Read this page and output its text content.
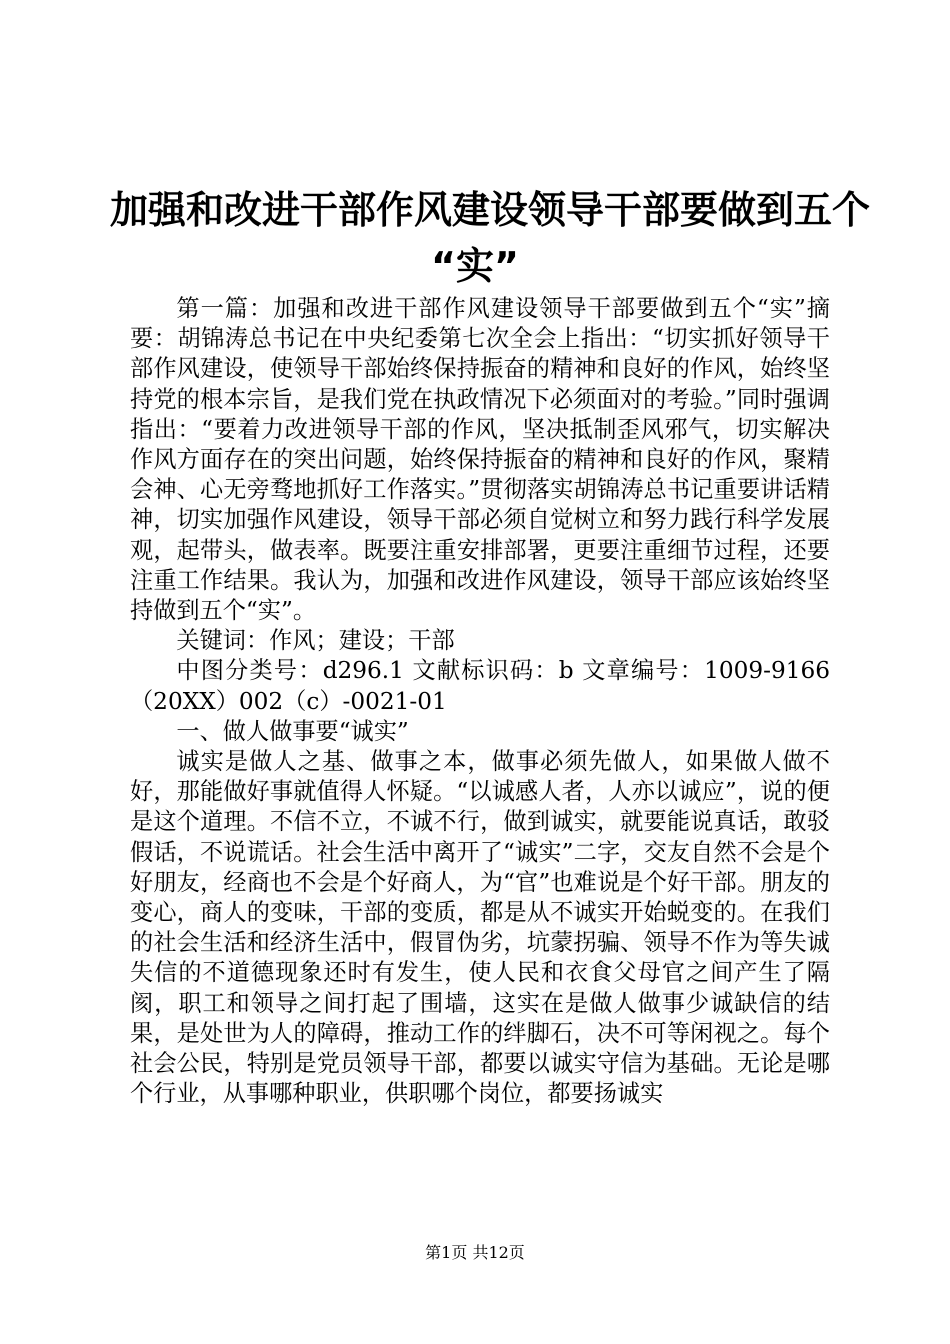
加强和改进干部作风建设领导干部要做到五个
“实”

第一篇：加强和改进干部作风建设领导干部要做到五个“实”摘要：胡锦涛总书记在中央纪委第七次全会上指出：“切实抓好领导干部作风建设，使领导干部始终保持振奋的精神和良好的作风，始终坚持党的根本宗旨，是我们党在执政情况下必须面对的考验。”同时强调指出：“要着力改进领导干部的作风，坚决抵制歪风邪气，切实解决作风方面存在的突出问题，始终保持振奋的精神和良好的作风，聚精会神、心无旁骛地抓好工作落实。”贯彻落实胡锦涛总书记重要讲话精神，切实加强作风建设，领导干部必须自觉树立和努力践行科学发展观，起带头，做表率。既要注重安排部署，更要注重细节过程，还要注重工作结果。我认为，加强和改进作风建设，领导干部应该始终坚持做到五个“实”。

关键词：作风；建设；干部

中图分类号：d296.1 文献标识码：b 文章编号：1009-9166（20XX）002（c）-0021-01

一、做人做事要“诚实”

诚实是做人之基、做事之本，做事必须先做人，如果做人做不好，那能做好事就值得人怀疑。“以诚感人者，人亦以诚应”，说的便是这个道理。不信不立，不诚不行，做到诚实，就要能说真话，敢驳假话，不说谎话。社会生活中离开了“诚实”二字，交友自然不会是个好朋友，经商也不会是个好商人，为“官”也难说是个好干部。朋友的变心，商人的变味，干部的变质，都是从不诚实开始蜕变的。在我们的社会生活和经济生活中，假冒伪劣，坑蒙拐骗、领导不作为等失诚失信的不道德现象还时有发生，使人民和衣食父母官之间产生了隔阂，职工和领导之间打起了围墙，这实在是做人做事少诚缺信的结果，是处世为人的障碍，推动工作的绊脚石，决不可等闲视之。每个社会公民，特别是党员领导干部，都要以诚实守信为基础。无论是哪个行业，从事哪种职业，供职哪个岗位，都要扬诚实

第1页 共12页
